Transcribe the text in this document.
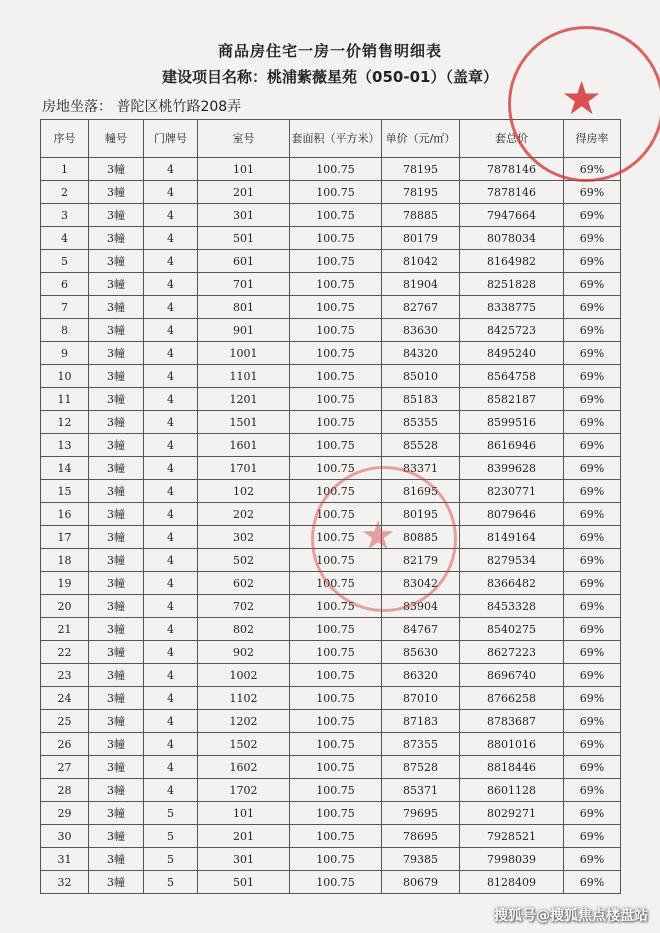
商品房住宅一房一价销售明细表
建设项目名称：桃浦紫薇星苑（050-01）（盖章）
房地坐落： 普陀区桃竹路208弄
序号	幢号	门牌号	室号	套面积（平方米）	单价（元/㎡）	套总价	得房率
1	3幢	4	101	100.75	78195	7878146	69%
2	3幢	4	201	100.75	78195	7878146	69%
3	3幢	4	301	100.75	78885	7947664	69%
4	3幢	4	501	100.75	80179	8078034	69%
5	3幢	4	601	100.75	81042	8164982	69%
6	3幢	4	701	100.75	81904	8251828	69%
7	3幢	4	801	100.75	82767	8338775	69%
8	3幢	4	901	100.75	83630	8425723	69%
9	3幢	4	1001	100.75	84320	8495240	69%
10	3幢	4	1101	100.75	85010	8564758	69%
11	3幢	4	1201	100.75	85183	8582187	69%
12	3幢	4	1501	100.75	85355	8599516	69%
13	3幢	4	1601	100.75	85528	8616946	69%
14	3幢	4	1701	100.75	83371	8399628	69%
15	3幢	4	102	100.75	81695	8230771	69%
16	3幢	4	202	100.75	80195	8079646	69%
17	3幢	4	302	100.75	80885	8149164	69%
18	3幢	4	502	100.75	82179	8279534	69%
19	3幢	4	602	100.75	83042	8366482	69%
20	3幢	4	702	100.75	83904	8453328	69%
21	3幢	4	802	100.75	84767	8540275	69%
22	3幢	4	902	100.75	85630	8627223	69%
23	3幢	4	1002	100.75	86320	8696740	69%
24	3幢	4	1102	100.75	87010	8766258	69%
25	3幢	4	1202	100.75	87183	8783687	69%
26	3幢	4	1502	100.75	87355	8801016	69%
27	3幢	4	1602	100.75	87528	8818446	69%
28	3幢	4	1702	100.75	85371	8601128	69%
29	3幢	5	101	100.75	79695	8029271	69%
30	3幢	5	201	100.75	78695	7928521	69%
31	3幢	5	301	100.75	79385	7998039	69%
32	3幢	5	501	100.75	80679	8128409	69%
★
★
搜狐号@搜狐焦点楼盘站
